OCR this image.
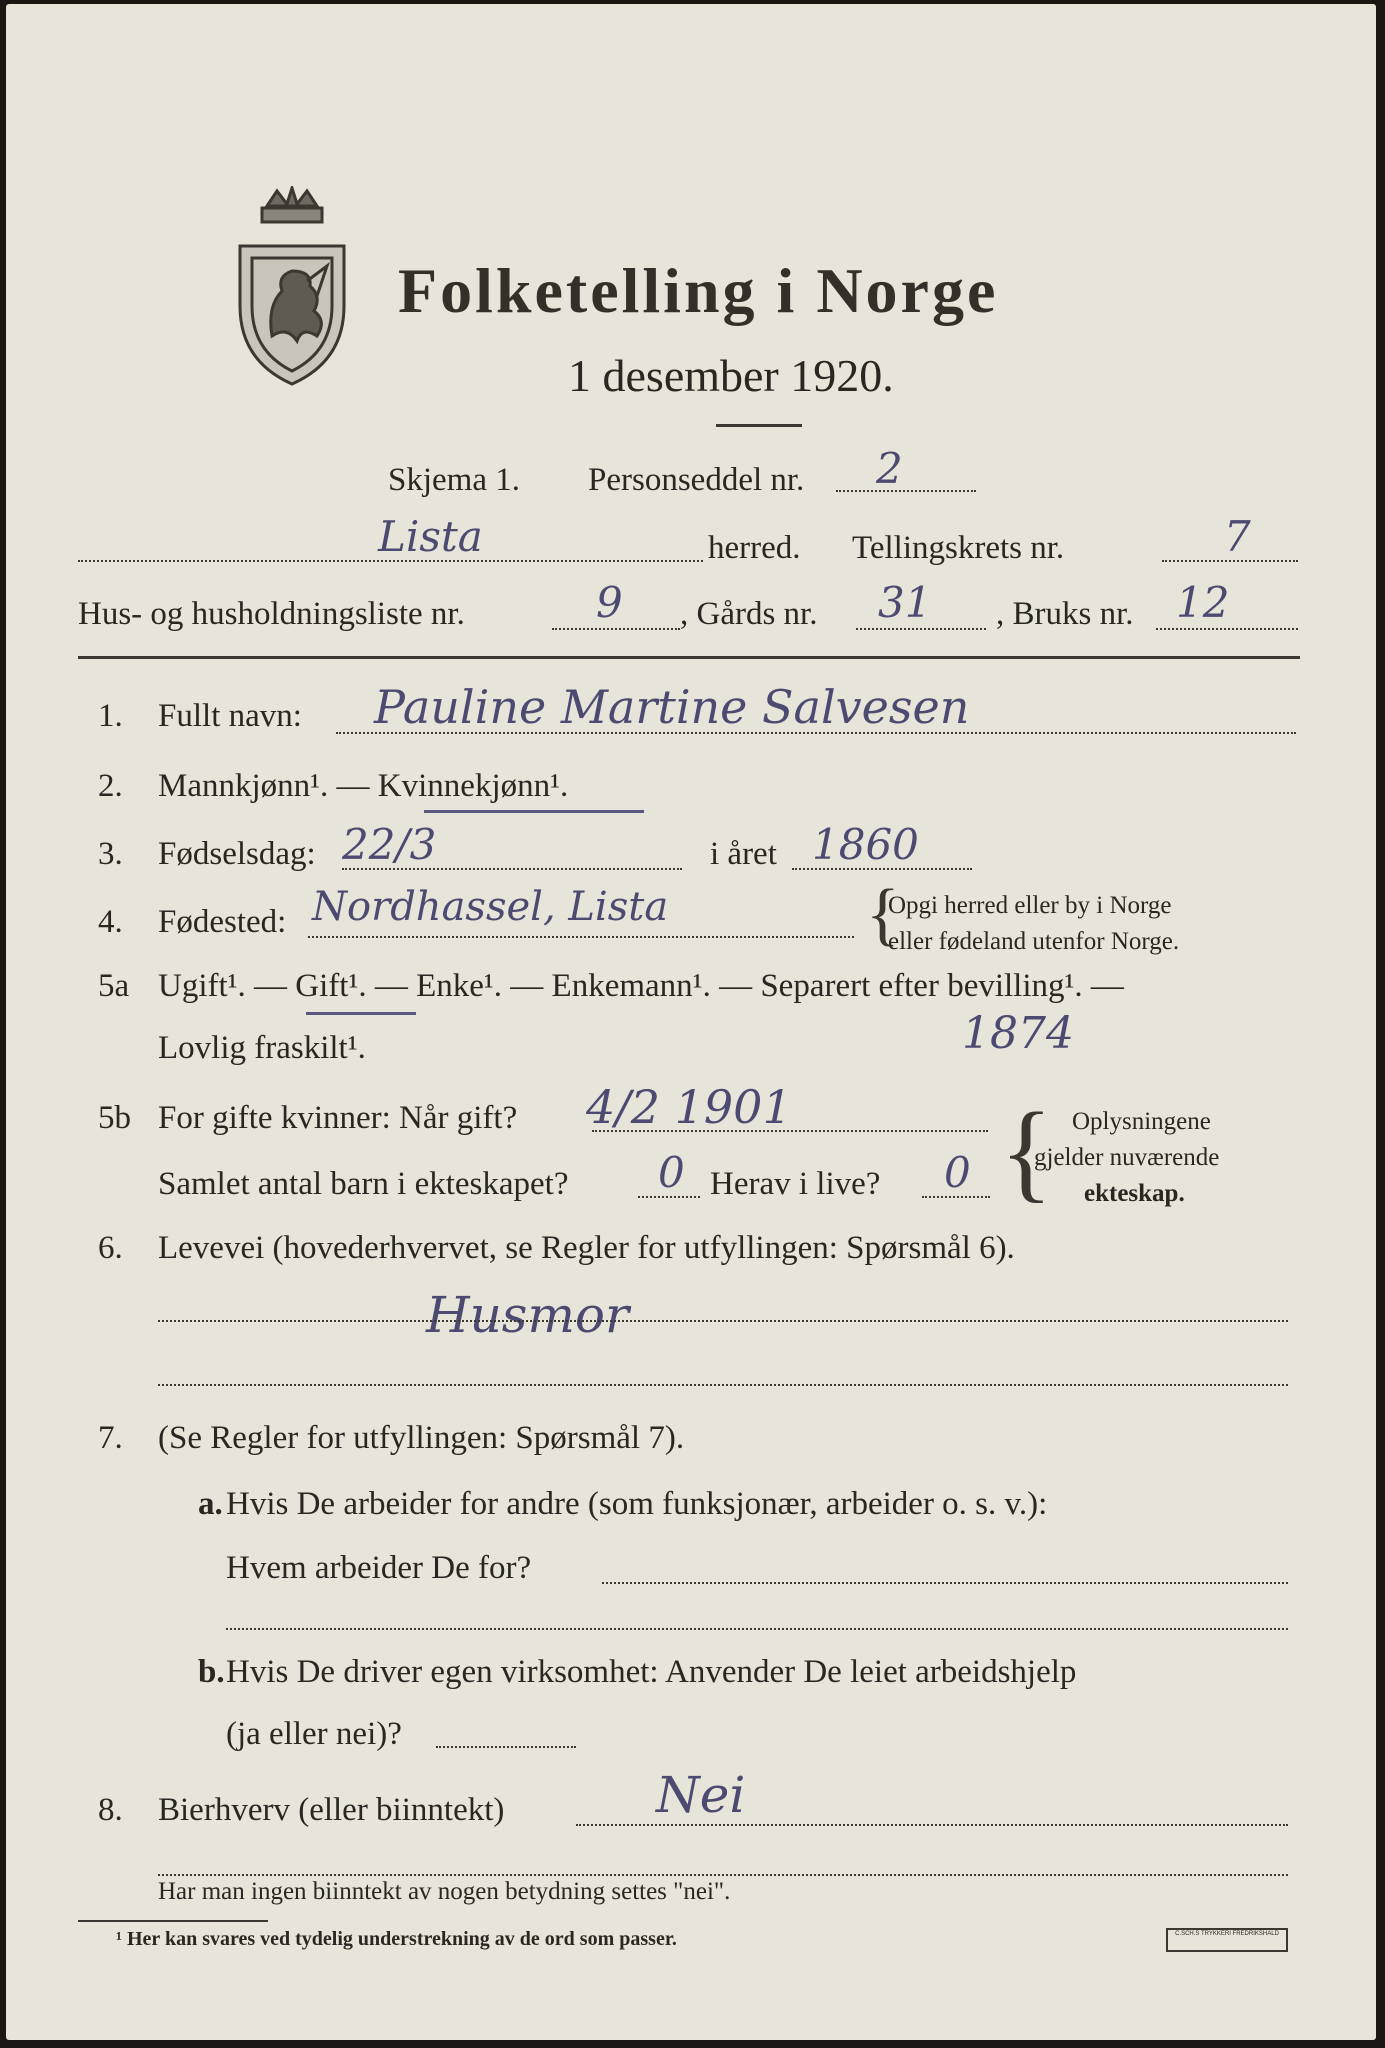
Folketelling i Norge
1 desember 1920.
Skjema 1. Personseddel nr. 2
Lista	herred. Tellingskrets nr.	7
Hus- og husholdningsliste nr.	9 , Gårds nr. 31 , Bruks nr. 12
1. Fullt navn: Pauline Martine Salvesen
2. Mannkjønn¹. — Kvinnekjønn¹.
3. Fødselsdag: 22/3	i året 1860
4. Fødested: Nordhassel, Lista	{
Opgi herred eller by i Norge
eller fødeland utenfor Norge.
5a Ugift¹. — Gift¹. — Enke¹. — Enkemann¹. — Separert efter bevilling¹. —
Lovlig fraskilt¹.	1874
5b For gifte kvinner: Når gift? 4/2 1901
Samlet antal barn i ekteskapet? 0 Herav i live? 0 { Oplysningene
gjelder nuværende
ekteskap.
6. Levevei (hovederhvervet, se Regler for utfyllingen: Spørsmål 6).
Husmor
7. (Se Regler for utfyllingen: Spørsmål 7).
a. Hvis De arbeider for andre (som funksjonær, arbeider o. s. v.):
Hvem arbeider De for?
b. Hvis De driver egen virksomhet: Anvender De leiet arbeidshjelp
(ja eller nei)?
8. Bierhverv (eller biinntekt)	Nei
Har man ingen biinntekt av nogen betydning settes "nei".
¹ Her kan svares ved tydelig understrekning av de ord som passer.	C.SCH.S TRYKKERI FREDRIKSHALD
